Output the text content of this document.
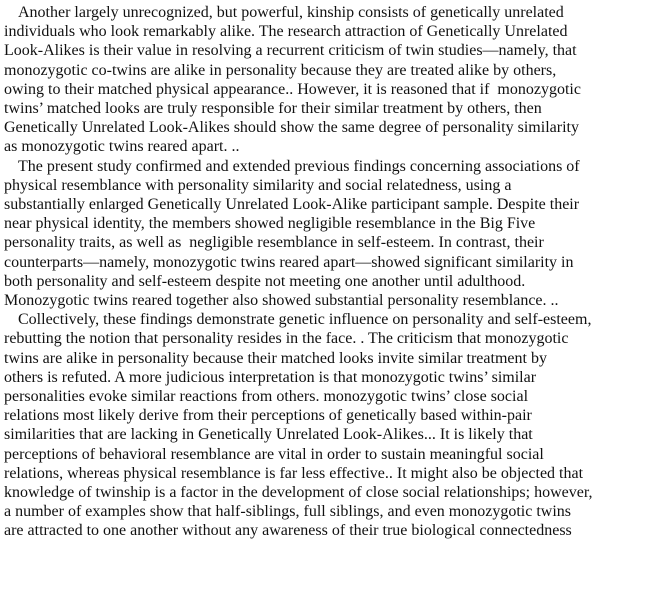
Another largely unrecognized, but powerful, kinship consists of genetically unrelated
individuals who look remarkably alike. The research attraction of Genetically Unrelated
Look-Alikes is their value in resolving a recurrent criticism of twin studies—namely, that
monozygotic co-twins are alike in personality because they are treated alike by others,
owing to their matched physical appearance.. However, it is reasoned that if  monozygotic
twins’ matched looks are truly responsible for their similar treatment by others, then
Genetically Unrelated Look-Alikes should show the same degree of personality similarity
as monozygotic twins reared apart. ..
The present study confirmed and extended previous findings concerning associations of
physical resemblance with personality similarity and social relatedness, using a
substantially enlarged Genetically Unrelated Look-Alike participant sample. Despite their
near physical identity, the members showed negligible resemblance in the Big Five
personality traits, as well as  negligible resemblance in self-esteem. In contrast, their
counterparts—namely, monozygotic twins reared apart—showed significant similarity in
both personality and self-esteem despite not meeting one another until adulthood.
Monozygotic twins reared together also showed substantial personality resemblance. ..
Collectively, these findings demonstrate genetic influence on personality and self-esteem,
rebutting the notion that personality resides in the face. . The criticism that monozygotic
twins are alike in personality because their matched looks invite similar treatment by
others is refuted. A more judicious interpretation is that monozygotic twins’ similar
personalities evoke similar reactions from others. monozygotic twins’ close social
relations most likely derive from their perceptions of genetically based within-pair
similarities that are lacking in Genetically Unrelated Look-Alikes... It is likely that
perceptions of behavioral resemblance are vital in order to sustain meaningful social
relations, whereas physical resemblance is far less effective.. It might also be objected that
knowledge of twinship is a factor in the development of close social relationships; however,
a number of examples show that half-siblings, full siblings, and even monozygotic twins
are attracted to one another without any awareness of their true biological connectedness
